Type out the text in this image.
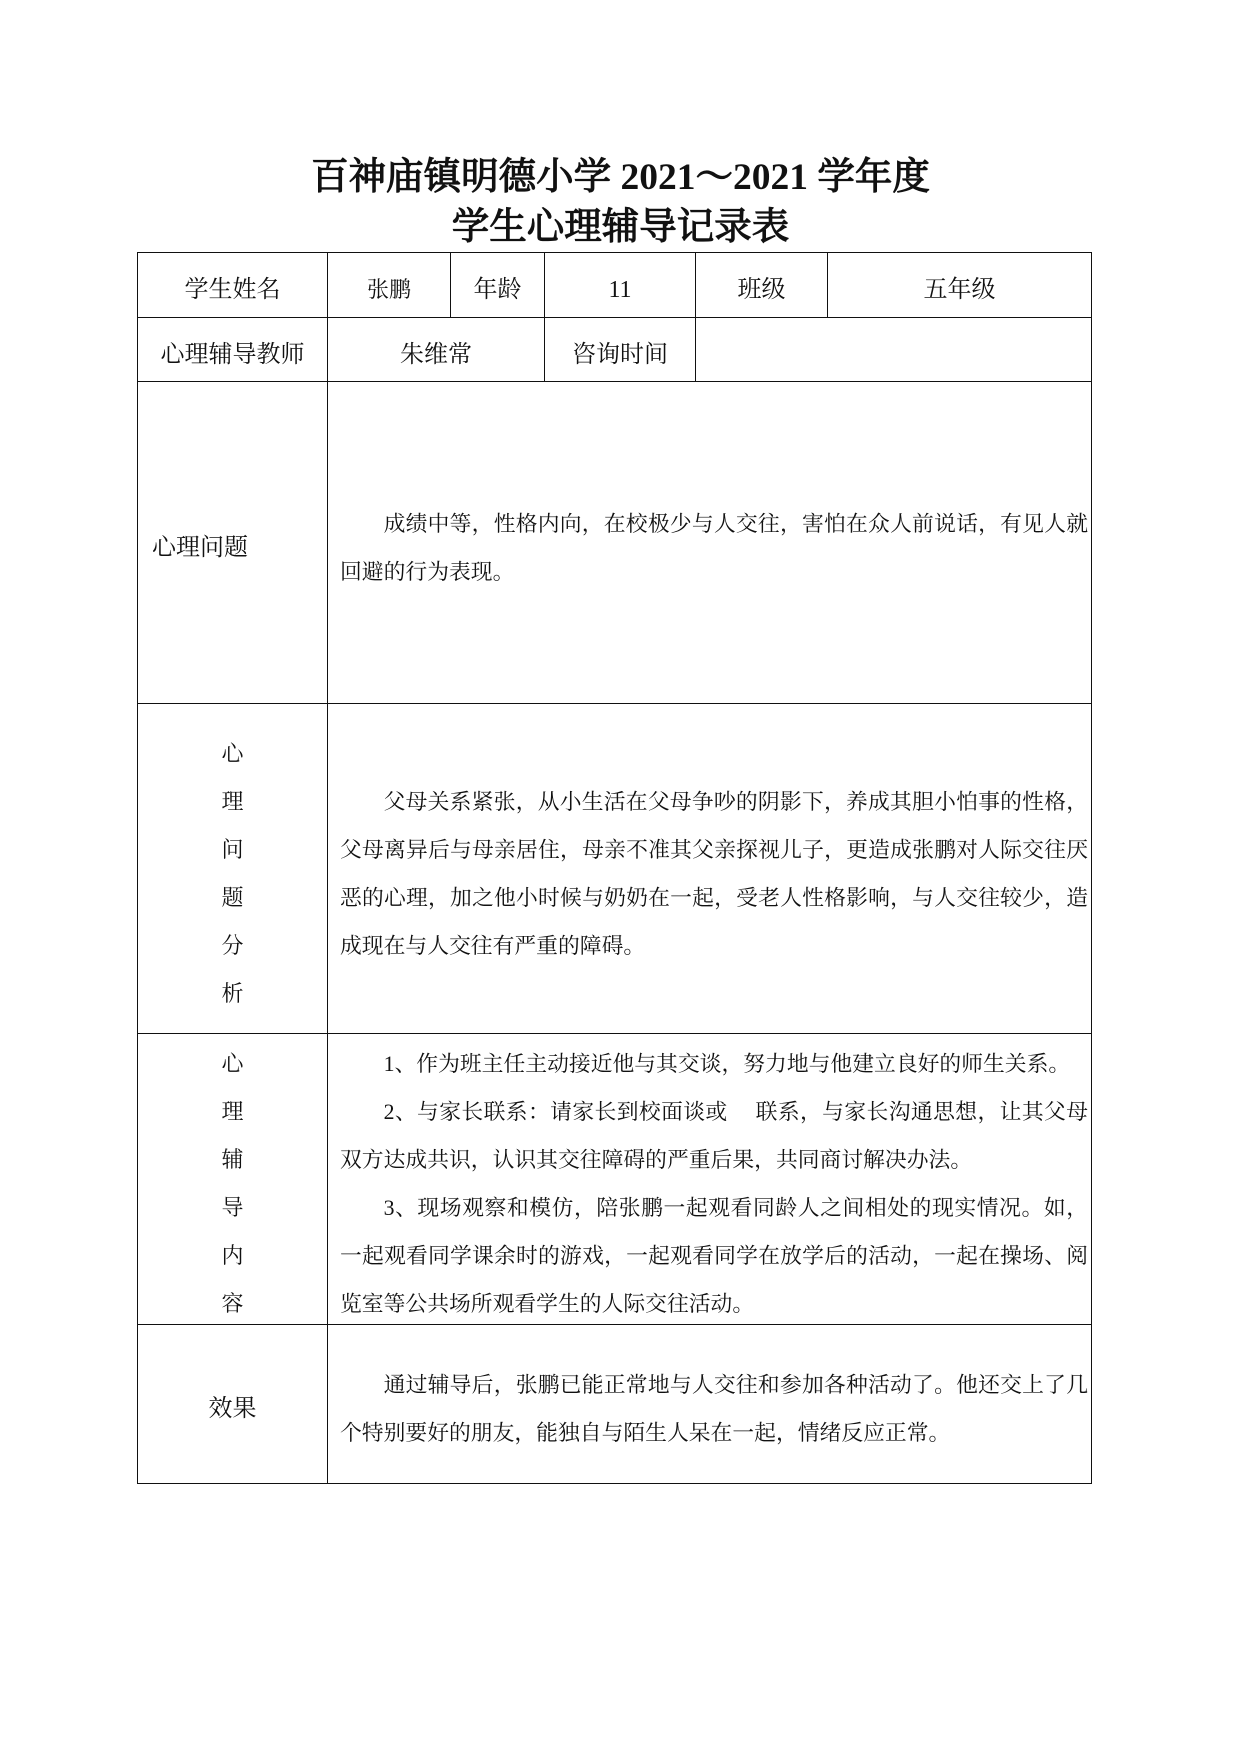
百神庙镇明德小学 2021～2021 学年度
学生心理辅导记录表
学生姓名	张鹏	年龄	11	班级	五年级

心理辅导教师	朱维常		咨询时间		

心理问题	成绩中等，性格内向，在校极少与人交往，害怕在众人前说话，有见人就回避的行为表现。				

心理问题分析	父母关系紧张，从小生活在父母争吵的阴影下，养成其胆小怕事的性格，父母离异后与母亲居住，母亲不准其父亲探视儿子，更造成张鹏对人际交往厌恶的心理，加之他小时候与奶奶在一起，受老人性格影响，与人交往较少，造成现在与人交往有严重的障碍。				

心理辅导内容	1、作为班主任主动接近他与其交谈，努力地与他建立良好的师生关系。

2、与家长联系：请家长到校面谈或　 联系，与家长沟通思想，让其父母双方达成共识，认识其交往障碍的严重后果，共同商讨解决办法。

3、现场观察和模仿，陪张鹏一起观看同龄人之间相处的现实情况。如，一起观看同学课余时的游戏，一起观看同学在放学后的活动，一起在操场、阅览室等公共场所观看学生的人际交往活动。				

效果	通过辅导后，张鹏已能正常地与人交往和参加各种活动了。他还交上了几个特别要好的朋友，能独自与陌生人呆在一起，情绪反应正常。				
